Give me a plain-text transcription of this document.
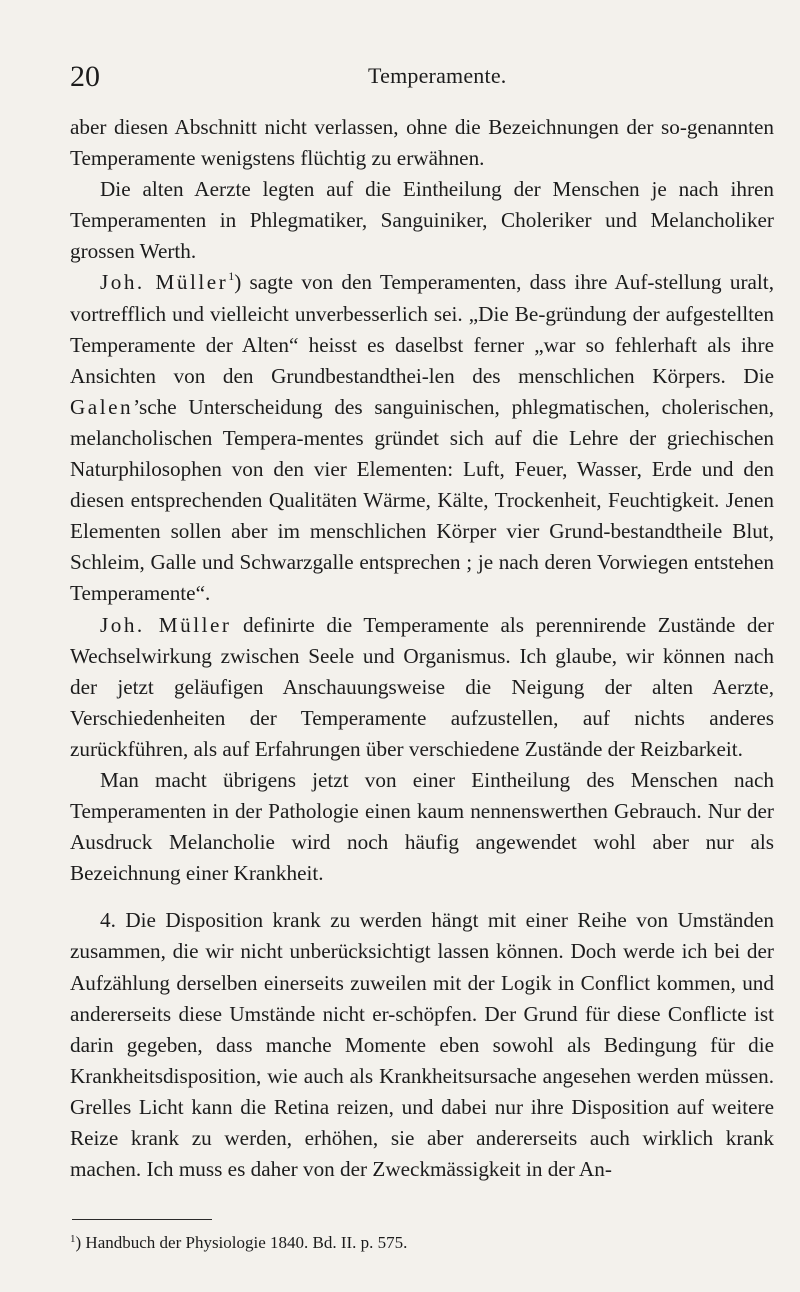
20	Temperamente.

aber diesen Abschnitt nicht verlassen, ohne die Bezeichnungen der so-genannten Temperamente wenigstens flüchtig zu erwähnen.

Die alten Aerzte legten auf die Eintheilung der Menschen je nach ihren Temperamenten in Phlegmatiker, Sanguiniker, Choleriker und Melancholiker grossen Werth.

Joh. Müller$^1$) sagte von den Temperamenten, dass ihre Auf-stellung uralt, vortrefflich und vielleicht unverbesserlich sei. „Die Be-gründung der aufgestellten Temperamente der Alten“ heisst es daselbst ferner „war so fehlerhaft als ihre Ansichten von den Grundbestandthei-len des menschlichen Körpers. Die Galen’sche Unterscheidung des sanguinischen, phlegmatischen, cholerischen, melancholischen Tempera-mentes gründet sich auf die Lehre der griechischen Naturphilosophen von den vier Elementen: Luft, Feuer, Wasser, Erde und den diesen entsprechenden Qualitäten Wärme, Kälte, Trockenheit, Feuchtigkeit. Jenen Elementen sollen aber im menschlichen Körper vier Grund-bestandtheile Blut, Schleim, Galle und Schwarzgalle entsprechen ; je nach deren Vorwiegen entstehen Temperamente“.

Joh. Müller definirte die Temperamente als perennirende Zustände der Wechselwirkung zwischen Seele und Organismus. Ich glaube, wir können nach der jetzt geläufigen Anschauungsweise die Neigung der alten Aerzte, Verschiedenheiten der Temperamente aufzustellen, auf nichts anderes zurückführen, als auf Erfahrungen über verschiedene Zustände der Reizbarkeit.

Man macht übrigens jetzt von einer Eintheilung des Menschen nach Temperamenten in der Pathologie einen kaum nennenswerthen Gebrauch. Nur der Ausdruck Melancholie wird noch häufig angewendet wohl aber nur als Bezeichnung einer Krankheit.

4. Die Disposition krank zu werden hängt mit einer Reihe von Umständen zusammen, die wir nicht unberücksichtigt lassen können. Doch werde ich bei der Aufzählung derselben einerseits zuweilen mit der Logik in Conflict kommen, und andererseits diese Umstände nicht er-schöpfen. Der Grund für diese Conflicte ist darin gegeben, dass manche Momente eben sowohl als Bedingung für die Krankheitsdisposition, wie auch als Krankheitsursache angesehen werden müssen. Grelles Licht kann die Retina reizen, und dabei nur ihre Disposition auf weitere Reize krank zu werden, erhöhen, sie aber andererseits auch wirklich krank machen. Ich muss es daher von der Zweckmässigkeit in der An-

$^1$) Handbuch der Physiologie 1840. Bd. II. p. 575.
